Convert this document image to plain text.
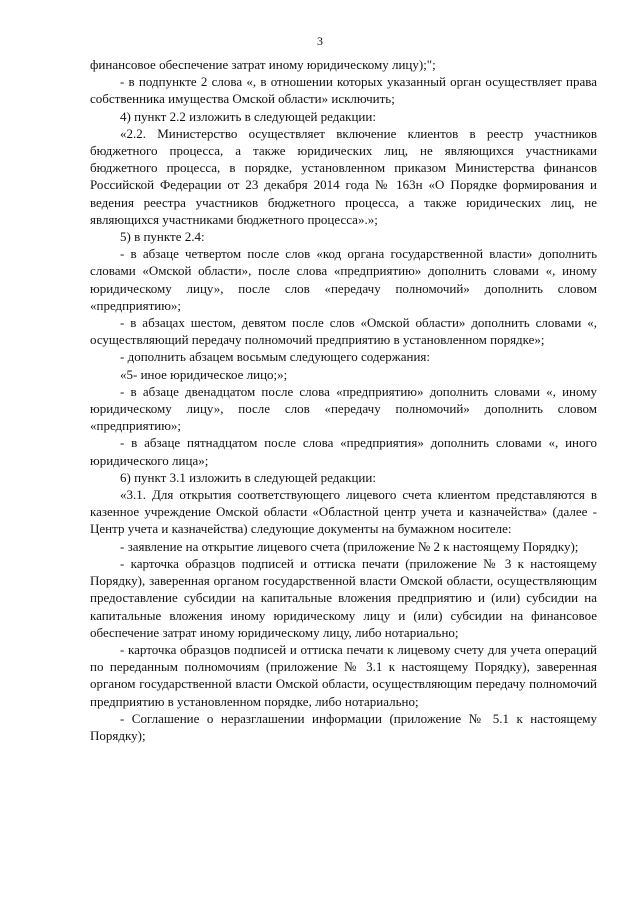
3

финансовое обеспечение затрат иному юридическому лицу);";

- в подпункте 2 слова «, в отношении которых указанный орган осуществляет права собственника имущества Омской области» исключить;

4) пункт 2.2 изложить в следующей редакции:

«2.2. Министерство осуществляет включение клиентов в реестр участников бюджетного процесса, а также юридических лиц, не являющихся участниками бюджетного процесса, в порядке, установленном приказом Министерства финансов Российской Федерации от 23 декабря 2014 года № 163н «О Порядке формирования и ведения реестра участников бюджетного процесса, а также юридических лиц, не являющихся участниками бюджетного процесса».»;

5) в пункте 2.4:

- в абзаце четвертом после слов «код органа государственной власти» дополнить словами «Омской области», после слова «предприятию» дополнить словами «, иному юридическому лицу», после слов «передачу полномочий» дополнить словом «предприятию»;

- в абзацах шестом, девятом после слов «Омской области» дополнить словами «, осуществляющий передачу полномочий предприятию в установленном порядке»;

- дополнить абзацем восьмым следующего содержания:

«5- иное юридическое лицо;»;

- в абзаце двенадцатом после слова «предприятию» дополнить словами «, иному юридическому лицу», после слов «передачу полномочий» дополнить словом «предприятию»;

- в абзаце пятнадцатом после слова «предприятия» дополнить словами «, иного юридического лица»;

6) пункт 3.1 изложить в следующей редакции:

«3.1. Для открытия соответствующего лицевого счета клиентом представляются в казенное учреждение Омской области «Областной центр учета и казначейства» (далее - Центр учета и казначейства) следующие документы на бумажном носителе:

- заявление на открытие лицевого счета (приложение № 2 к настоящему Порядку);

- карточка образцов подписей и оттиска печати (приложение № 3 к настоящему Порядку), заверенная органом государственной власти Омской области, осуществляющим предоставление субсидии на капитальные вложения предприятию и (или) субсидии на капитальные вложения иному юридическому лицу и (или) субсидии на финансовое обеспечение затрат иному юридическому лицу, либо нотариально;

- карточка образцов подписей и оттиска печати к лицевому счету для учета операций по переданным полномочиям (приложение № 3.1 к настоящему Порядку), заверенная органом государственной власти Омской области, осуществляющим передачу полномочий предприятию в установленном порядке, либо нотариально;

- Соглашение о неразглашении информации (приложение № 5.1 к настоящему Порядку);
